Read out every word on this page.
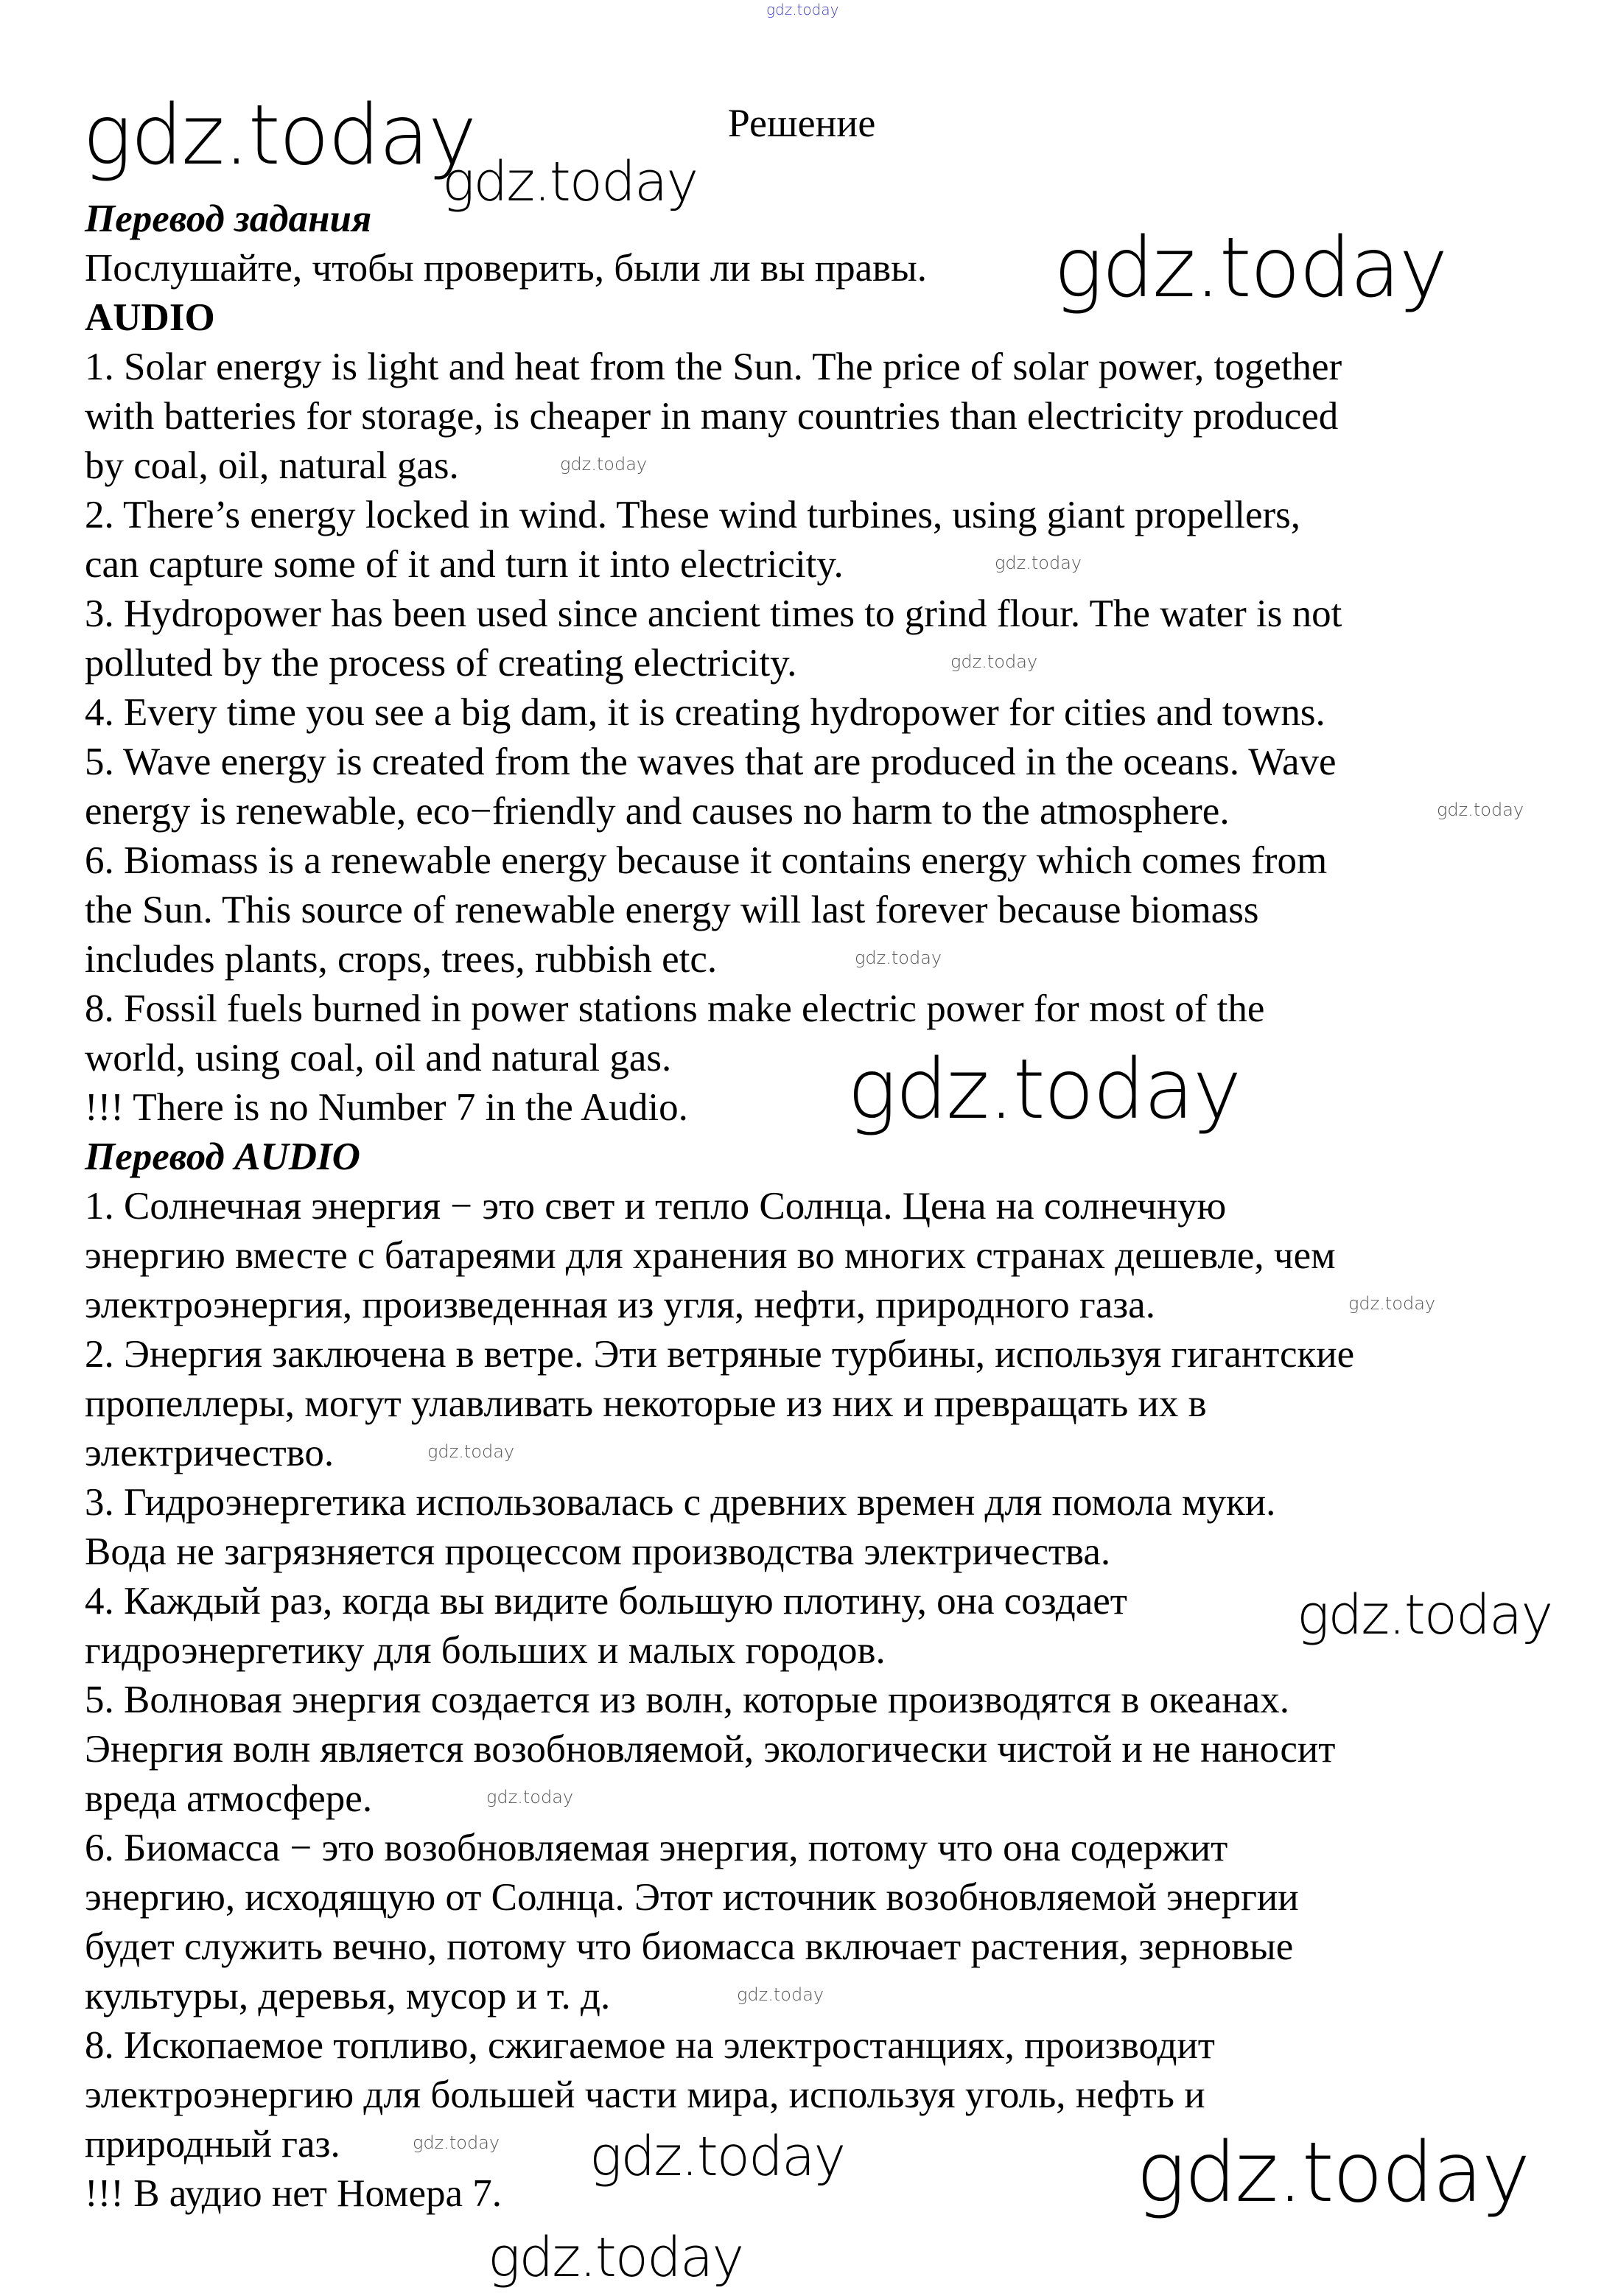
Решение
Перевод задания
Послушайте, чтобы проверить, были ли вы правы.
AUDIO
1. Solar energy is light and heat from the Sun. The price of solar power, together
with batteries for storage, is cheaper in many countries than electricity produced
by coal, oil, natural gas.
2. There’s energy locked in wind. These wind turbines, using giant propellers,
can capture some of it and turn it into electricity.
3. Hydropower has been used since ancient times to grind flour. The water is not
polluted by the process of creating electricity.
4. Every time you see a big dam, it is creating hydropower for cities and towns.
5. Wave energy is created from the waves that are produced in the oceans. Wave
energy is renewable, eco−friendly and causes no harm to the atmosphere.
6. Biomass is a renewable energy because it contains energy which comes from
the Sun. This source of renewable energy will last forever because biomass
includes plants, crops, trees, rubbish etc.
8. Fossil fuels burned in power stations make electric power for most of the
world, using coal, oil and natural gas.
!!! There is no Number 7 in the Audio.
Перевод AUDIO
1. Солнечная энергия − это свет и тепло Солнца. Цена на солнечную
энергию вместе с батареями для хранения во многих странах дешевле, чем
электроэнергия, произведенная из угля, нефти, природного газа.
2. Энергия заключена в ветре. Эти ветряные турбины, используя гигантские
пропеллеры, могут улавливать некоторые из них и превращать их в
электричество.
3. Гидроэнергетика использовалась с древних времен для помола муки.
Вода не загрязняется процессом производства электричества.
4. Каждый раз, когда вы видите большую плотину, она создает
гидроэнергетику для больших и малых городов.
5. Волновая энергия создается из волн, которые производятся в океанах.
Энергия волн является возобновляемой, экологически чистой и не наносит
вреда атмосфере.
6. Биомасса − это возобновляемая энергия, потому что она содержит
энергию, исходящую от Солнца. Этот источник возобновляемой энергии
будет служить вечно, потому что биомасса включает растения, зерновые
культуры, деревья, мусор и т. д.
8. Ископаемое топливо, сжигаемое на электростанциях, производит
электроэнергию для большей части мира, используя уголь, нефть и
природный газ.
!!! В аудио нет Номера 7.
gdz.today
gdz.today
gdz.today
gdz.today
gdz.today
gdz.today
gdz.today
gdz.today	gdz.today
gdz.today
gdz.today
gdz.today
gdz.today
gdz.today
gdz.today
gdz.today
gdz.today
gdz.today
gdz.today
